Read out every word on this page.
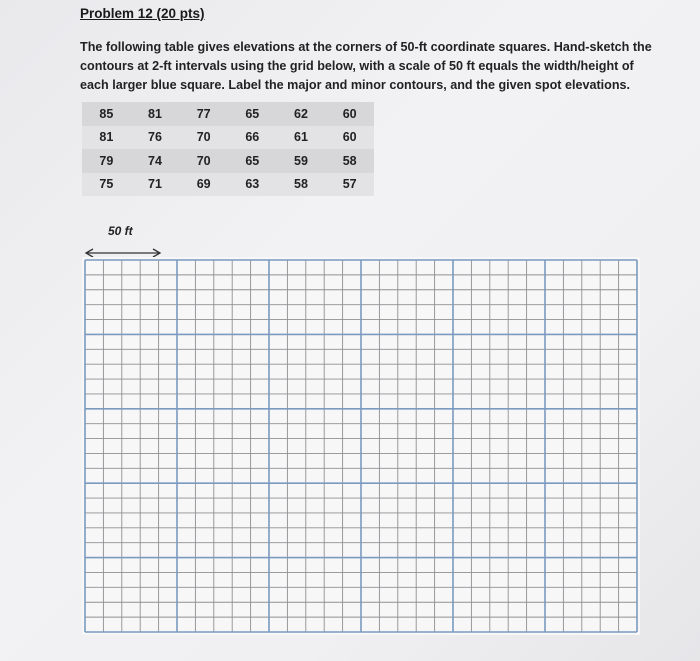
Problem 12 (20 pts)
The following table gives elevations at the corners of 50-ft coordinate squares. Hand-sketch the
contours at 2-ft intervals using the grid below, with a scale of 50 ft equals the width/height of
each larger blue square. Label the major and minor contours, and the given spot elevations.
85	81	77	65	62	60
81	76	70	66	61	60
79	74	70	65	59	58
75	71	69	63	58	57
50 ft
